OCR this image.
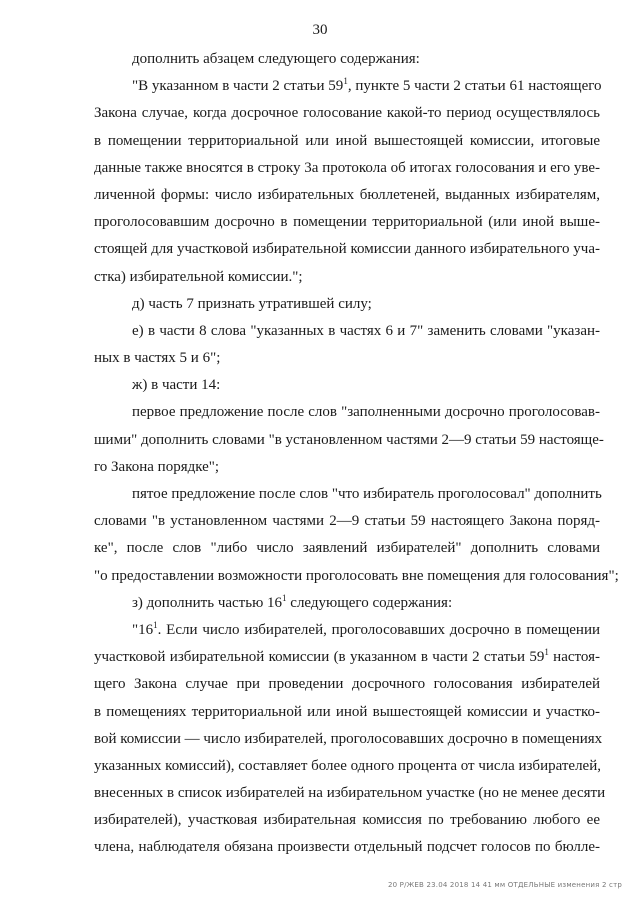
30
дополнить абзацем следующего содержания:
"В указанном в части 2 статьи $59^1$, пункте 5 части 2 статьи 61 настоящего
Закона случае, когда досрочное голосование какой-то период осуществлялось
в помещении территориальной или иной вышестоящей комиссии, итоговые
данные также вносятся в строку 3а протокола об итогах голосования и его уве-
личенной формы: число избирательных бюллетеней, выданных избирателям,
проголосовавшим досрочно в помещении территориальной (или иной выше-
стоящей для участковой избирательной комиссии данного избирательного уча-
стка) избирательной комиссии.";
д) часть 7 признать утратившей силу;
е) в части 8 слова "указанных в частях 6 и 7" заменить словами "указан-
ных в частях 5 и 6";
ж) в части 14:
первое предложение после слов "заполненными досрочно проголосовав-
шими" дополнить словами "в установленном частями 2—9 статьи 59 настояще-
го Закона порядке";
пятое предложение после слов "что избиратель проголосовал" дополнить
словами "в установленном частями 2—9 статьи 59 настоящего Закона поряд-
ке", после слов "либо число заявлений избирателей" дополнить словами
"о предоставлении возможности проголосовать вне помещения для голосования";
з) дополнить частью $16^1$ следующего содержания:
"$16^1$. Если число избирателей, проголосовавших досрочно в помещении
участковой избирательной комиссии (в указанном в части 2 статьи $59^1$ настоя-
щего Закона случае при проведении досрочного голосования избирателей
в помещениях территориальной или иной вышестоящей комиссии и участко-
вой комиссии — число избирателей, проголосовавших досрочно в помещениях
указанных комиссий), составляет более одного процента от числа избирателей,
внесенных в список избирателей на избирательном участке (но не менее десяти
избирателей), участковая избирательная комиссия по требованию любого ее
члена, наблюдателя обязана произвести отдельный подсчет голосов по бюлле-
20 Р/ЖЕВ 23.04 2018 14 41 мм ОТДЕЛЬНЫЕ изменения 2 стр
